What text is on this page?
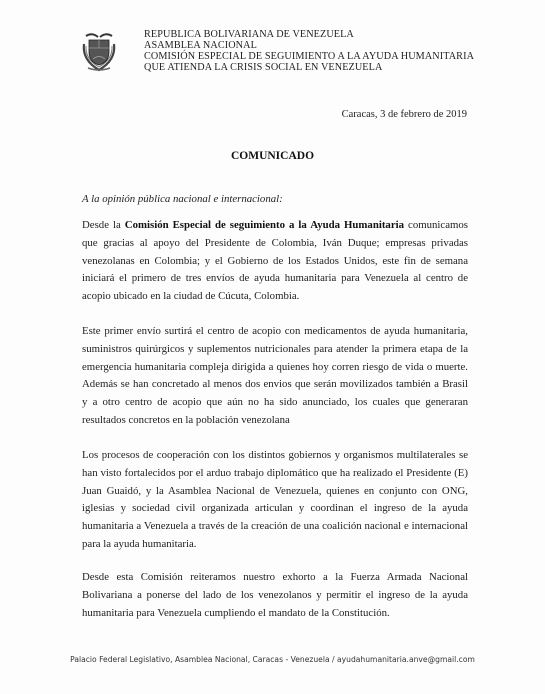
REPUBLICA BOLIVARIANA DE VENEZUELA
ASAMBLEA NACIONAL
COMISIÓN ESPECIAL DE SEGUIMIENTO A LA AYUDA HUMANITARIA
QUE ATIENDA LA CRISIS SOCIAL EN VENEZUELA
Caracas, 3 de febrero de 2019
COMUNICADO
A la opinión pública nacional e internacional:

Desde la Comisión Especial de seguimiento a la Ayuda Humanitaria comunicamos que gracias al apoyo del Presidente de Colombia, Iván Duque; empresas privadas venezolanas en Colombia; y el Gobierno de los Estados Unidos, este fin de semana iniciará el primero de tres envíos de ayuda humanitaria para Venezuela al centro de acopio ubicado en la ciudad de Cúcuta, Colombia.

Este primer envío surtirá el centro de acopio con medicamentos de ayuda humanitaria, suministros quirúrgicos y suplementos nutricionales para atender la primera etapa de la emergencia humanitaria compleja dirigida a quienes hoy corren riesgo de vida o muerte. Además se han concretado al menos dos envios que serán movilizados también a Brasil y a otro centro de acopio que aún no ha sido anunciado, los cuales que generaran resultados concretos en la población venezolana

Los procesos de cooperación con los distintos gobiernos y organismos multilaterales se han visto fortalecidos por el arduo trabajo diplomático que ha realizado el Presidente (E) Juan Guaidó, y la Asamblea Nacional de Venezuela, quienes en conjunto con ONG, iglesias y sociedad civil organizada articulan y coordinan el ingreso de la ayuda humanitaria a Venezuela a través de la creación de una coalición nacional e internacional para la ayuda humanitaria.

Desde esta Comisión reiteramos nuestro exhorto a la Fuerza Armada Nacional Bolivariana a ponerse del lado de los venezolanos y permitir el ingreso de la ayuda humanitaria para Venezuela cumpliendo el mandato de la Constitución.

Palacio Federal Legislativo, Asamblea Nacional, Caracas - Venezuela / ayudahumanitaria.anve@gmail.com
